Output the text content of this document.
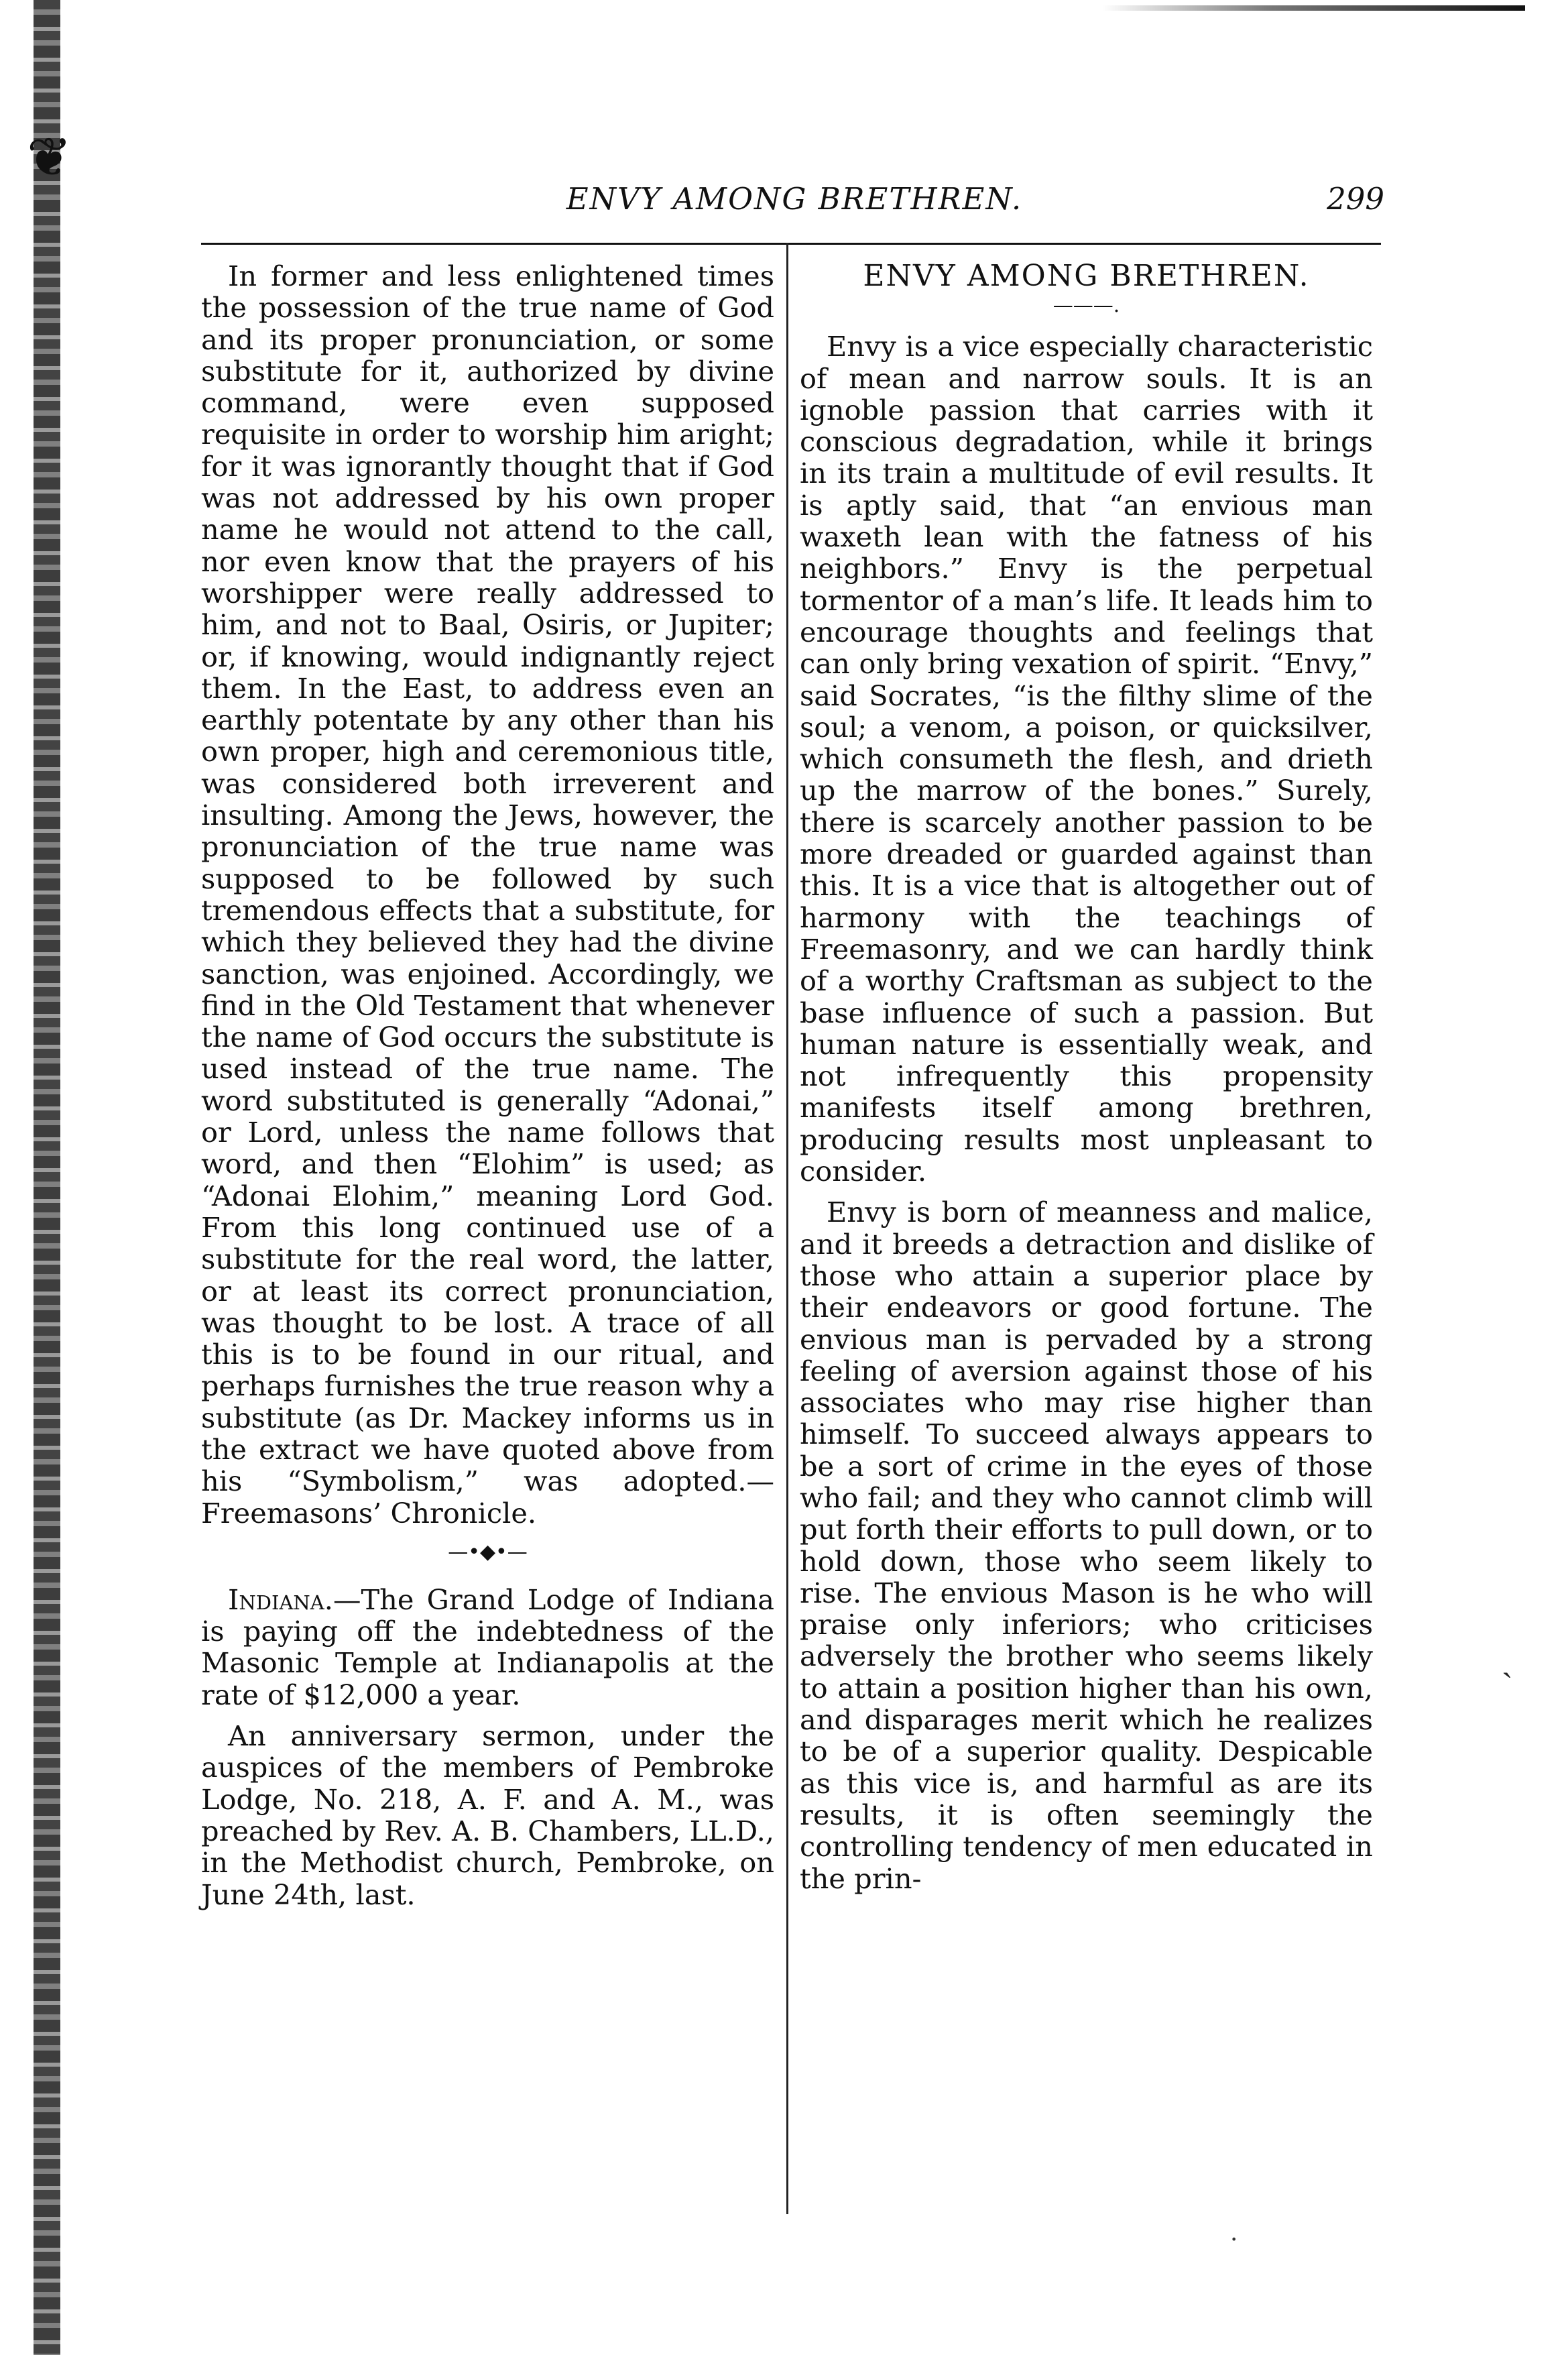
❦
ENVY AMONG BRETHREN.	299

In former and less enlightened times the possession of the true name of God and its proper pronunciation, or some substitute for it, authorized by divine command, were even supposed requisite in order to worship him aright; for it was ignorantly thought that if God was not addressed by his own proper name he would not attend to the call, nor even know that the prayers of his worshipper were really addressed to him, and not to Baal, Osiris, or Jupiter; or, if knowing, would indignantly reject them. In the East, to address even an earthly potentate by any other than his own proper, high and ceremonious title, was considered both irreverent and insulting. Among the Jews, however, the pronunciation of the true name was supposed to be followed by such tremendous effects that a substitute, for which they believed they had the divine sanction, was enjoined. Accordingly, we find in the Old Testament that whenever the name of God occurs the substitute is used instead of the true name. The word substituted is generally “Adonai,” or Lord, unless the name follows that word, and then “Elohim” is used; as “Adonai Elohim,” meaning Lord God. From this long continued use of a substitute for the real word, the latter, or at least its correct pronunciation, was thought to be lost. A trace of all this is to be found in our ritual, and perhaps furnishes the true reason why a substitute (as Dr. Mackey informs us in the extract we have quoted above from his “Symbolism,” was adopted.—Freemasons’ Chronicle.

—•◆•—

Indiana.—The Grand Lodge of Indiana is paying off the indebtedness of the Masonic Temple at Indianapolis at the rate of $12,000 a year.

An anniversary sermon, under the auspices of the members of Pembroke Lodge, No. 218, A. F. and A. M., was preached by Rev. A. B. Chambers, LL.D., in the Methodist church, Pembroke, on June 24th, last.

ENVY AMONG BRETHREN.
———.

Envy is a vice especially characteristic of mean and narrow souls. It is an ignoble passion that carries with it conscious degradation, while it brings in its train a multitude of evil results. It is aptly said, that “an envious man waxeth lean with the fatness of his neighbors.” Envy is the perpetual tormentor of a man’s life. It leads him to encourage thoughts and feelings that can only bring vexation of spirit. “Envy,” said Socrates, “is the filthy slime of the soul; a venom, a poison, or quicksilver, which consumeth the flesh, and drieth up the marrow of the bones.” Surely, there is scarcely another passion to be more dreaded or guarded against than this. It is a vice that is altogether out of harmony with the teachings of Freemasonry, and we can hardly think of a worthy Craftsman as subject to the base influence of such a passion. But human nature is essentially weak, and not infrequently this propensity manifests itself among brethren, producing results most unpleasant to consider.

Envy is born of meanness and malice, and it breeds a detraction and dislike of those who attain a superior place by their endeavors or good fortune. The envious man is pervaded by a strong feeling of aversion against those of his associates who may rise higher than himself. To succeed always appears to be a sort of crime in the eyes of those who fail; and they who cannot climb will put forth their efforts to pull down, or to hold down, those who seem likely to rise. The envious Mason is he who will praise only inferiors; who criticises adversely the brother who seems likely to attain a position higher than his own, and disparages merit which he realizes to be of a superior quality. Despicable as this vice is, and harmful as are its results, it is often seemingly the controlling tendency of men educated in the prin-

ˎ
·
